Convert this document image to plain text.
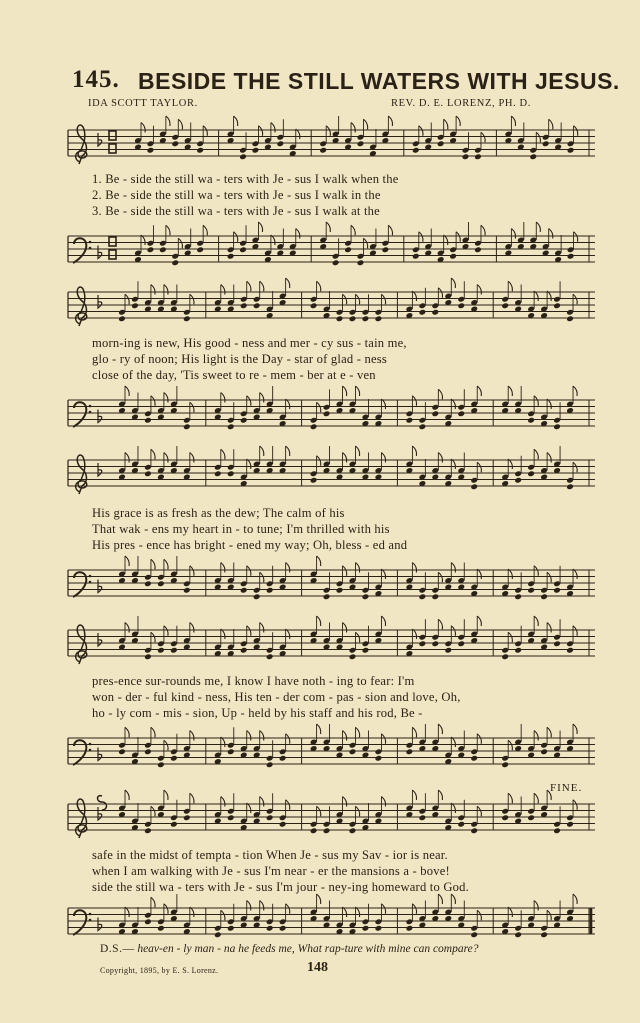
145. BESIDE THE STILL WATERS WITH JESUS.
IDA SCOTT TAYLOR.	REV. D. E. LORENZ, PH. D.
1. Be - side the still wa - ters with Je - sus I walk when the
2. Be - side the still wa - ters with Je - sus I walk in the
3. Be - side the still wa - ters with Je - sus I walk at the
morn-ing is new, His good - ness and mer - cy sus - tain me,
glo - ry of noon; His light is the Day - star of glad - ness
close of the day, 'Tis sweet to re - mem - ber at e - ven
His grace is as fresh as the dew; The calm of his
That wak - ens my heart in - to tune; I'm thrilled with his
His pres - ence has bright - ened my way; Oh, bless - ed and
pres-ence sur-rounds me, I know I have noth - ing to fear: I'm
won - der - ful kind - ness, His ten - der com - pas - sion and love, Oh,
ho - ly com - mis - sion, Up - held by his staff and his rod, Be -
FINE.
safe in the midst of tempta - tion When Je - sus my Sav - ior is near.
when I am walking with Je - sus I'm near - er the mansions a - bove!
side the still wa - ters with Je - sus I'm jour - ney-ing homeward to God.
D.S.— heav-en - ly man - na he feeds me, What rap-ture with mine can compare?
Copyright, 1895, by E. S. Lorenz.	148
